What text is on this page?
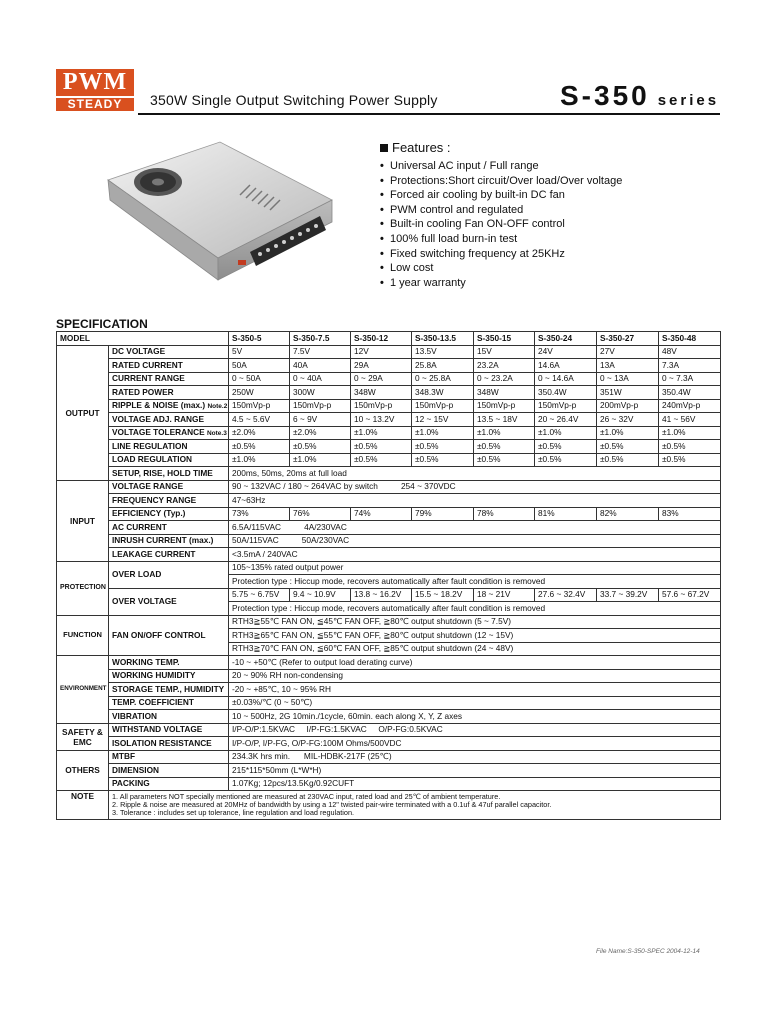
PWM
STEADY	350W Single Output Switching Power Supply	S-350 series
Features :
• Universal AC input / Full range
• Protections:Short circuit/Over load/Over voltage
• Forced air cooling by built-in DC fan
• PWM control and regulated
• Built-in cooling Fan ON-OFF control
• 100% full load burn-in test
• Fixed switching frequency at 25KHz
• Low cost
• 1 year warranty
SPECIFICATION
MODEL		S-350-5	S-350-7.5	S-350-12	S-350-13.5	S-350-15	S-350-24	S-350-27	S-350-48
OUTPUT	DC VOLTAGE	5V	7.5V	12V	13.5V	15V	24V	27V	48V
	RATED CURRENT	50A	40A	29A	25.8A	23.2A	14.6A	13A	7.3A
	CURRENT RANGE	0 ~ 50A	0 ~ 40A	0 ~ 29A	0 ~ 25.8A	0 ~ 23.2A	0 ~ 14.6A	0 ~ 13A	0 ~ 7.3A
	RATED POWER	250W	300W	348W	348.3W	348W	350.4W	351W	350.4W
	RIPPLE & NOISE (max.) Note.2	150mVp-p	150mVp-p	150mVp-p	150mVp-p	150mVp-p	150mVp-p	200mVp-p	240mVp-p
	VOLTAGE ADJ. RANGE	4.5 ~ 5.6V	6 ~ 9V	10 ~ 13.2V	12 ~ 15V	13.5 ~ 18V	20 ~ 26.4V	26 ~ 32V	41 ~ 56V
	VOLTAGE TOLERANCE Note.3	±2.0%	±2.0%	±1.0%	±1.0%	±1.0%	±1.0%	±1.0%	±1.0%
	LINE REGULATION	±0.5%	±0.5%	±0.5%	±0.5%	±0.5%	±0.5%	±0.5%	±0.5%
	LOAD REGULATION	±1.0%	±1.0%	±0.5%	±0.5%	±0.5%	±0.5%	±0.5%	±0.5%
	SETUP, RISE, HOLD TIME	200ms, 50ms, 20ms at full load							
INPUT	VOLTAGE RANGE	90 ~ 132VAC / 180 ~ 264VAC by switch          254 ~ 370VDC							
	FREQUENCY RANGE	47~63Hz							
	EFFICIENCY (Typ.)	73%	76%	74%	79%	78%	81%	82%	83%
	AC CURRENT	6.5A/115VAC          4A/230VAC							
	INRUSH CURRENT (max.)	50A/115VAC          50A/230VAC							
	LEAKAGE CURRENT	<3.5mA / 240VAC							
PROTECTION	OVER LOAD	105~135% rated output power							
		Protection type : Hiccup mode, recovers automatically after fault condition is removed							
	OVER VOLTAGE	5.75 ~ 6.75V	9.4 ~ 10.9V	13.8 ~ 16.2V	15.5 ~ 18.2V	18 ~ 21V	27.6 ~ 32.4V	33.7 ~ 39.2V	57.6 ~ 67.2V
		Protection type : Hiccup mode, recovers automatically after fault condition is removed							
FUNCTION	FAN ON/OFF CONTROL	RTH3≧55℃ FAN ON, ≦45℃ FAN OFF, ≧80℃ output shutdown (5 ~ 7.5V)							
		RTH3≧65℃ FAN ON, ≦55℃ FAN OFF, ≧80℃ output shutdown (12 ~ 15V)							
		RTH3≧70℃ FAN ON, ≦60℃ FAN OFF, ≧85℃ output shutdown (24 ~ 48V)							
ENVIRONMENT	WORKING TEMP.	-10 ~ +50℃ (Refer to output load derating curve)							
	WORKING HUMIDITY	20 ~ 90% RH non-condensing							
	STORAGE TEMP., HUMIDITY	-20 ~ +85℃, 10 ~ 95% RH							
	TEMP. COEFFICIENT	±0.03%/℃ (0 ~ 50℃)							
	VIBRATION	10 ~ 500Hz, 2G 10min./1cycle, 60min. each along X, Y, Z axes							
SAFETY &
EMC	WITHSTAND VOLTAGE	I/P-O/P:1.5KVAC     I/P-FG:1.5KVAC     O/P-FG:0.5KVAC							
	ISOLATION RESISTANCE	I/P-O/P, I/P-FG, O/P-FG:100M Ohms/500VDC							
OTHERS	MTBF	234.3K hrs min.      MIL-HDBK-217F (25℃)							
	DIMENSION	215*115*50mm (L*W*H)							
	PACKING	1.07Kg; 12pcs/13.5Kg/0.92CUFT							
NOTE	1. All parameters NOT specially mentioned are measured at 230VAC input, rated load and 25℃ of ambient temperature.
2. Ripple & noise are measured at 20MHz of bandwidth by using a 12" twisted pair-wire terminated with a 0.1uf & 47uf parallel capacitor.
3. Tolerance : includes set up tolerance, line regulation and load regulation.								
File Name:S-350-SPEC 2004-12-14
